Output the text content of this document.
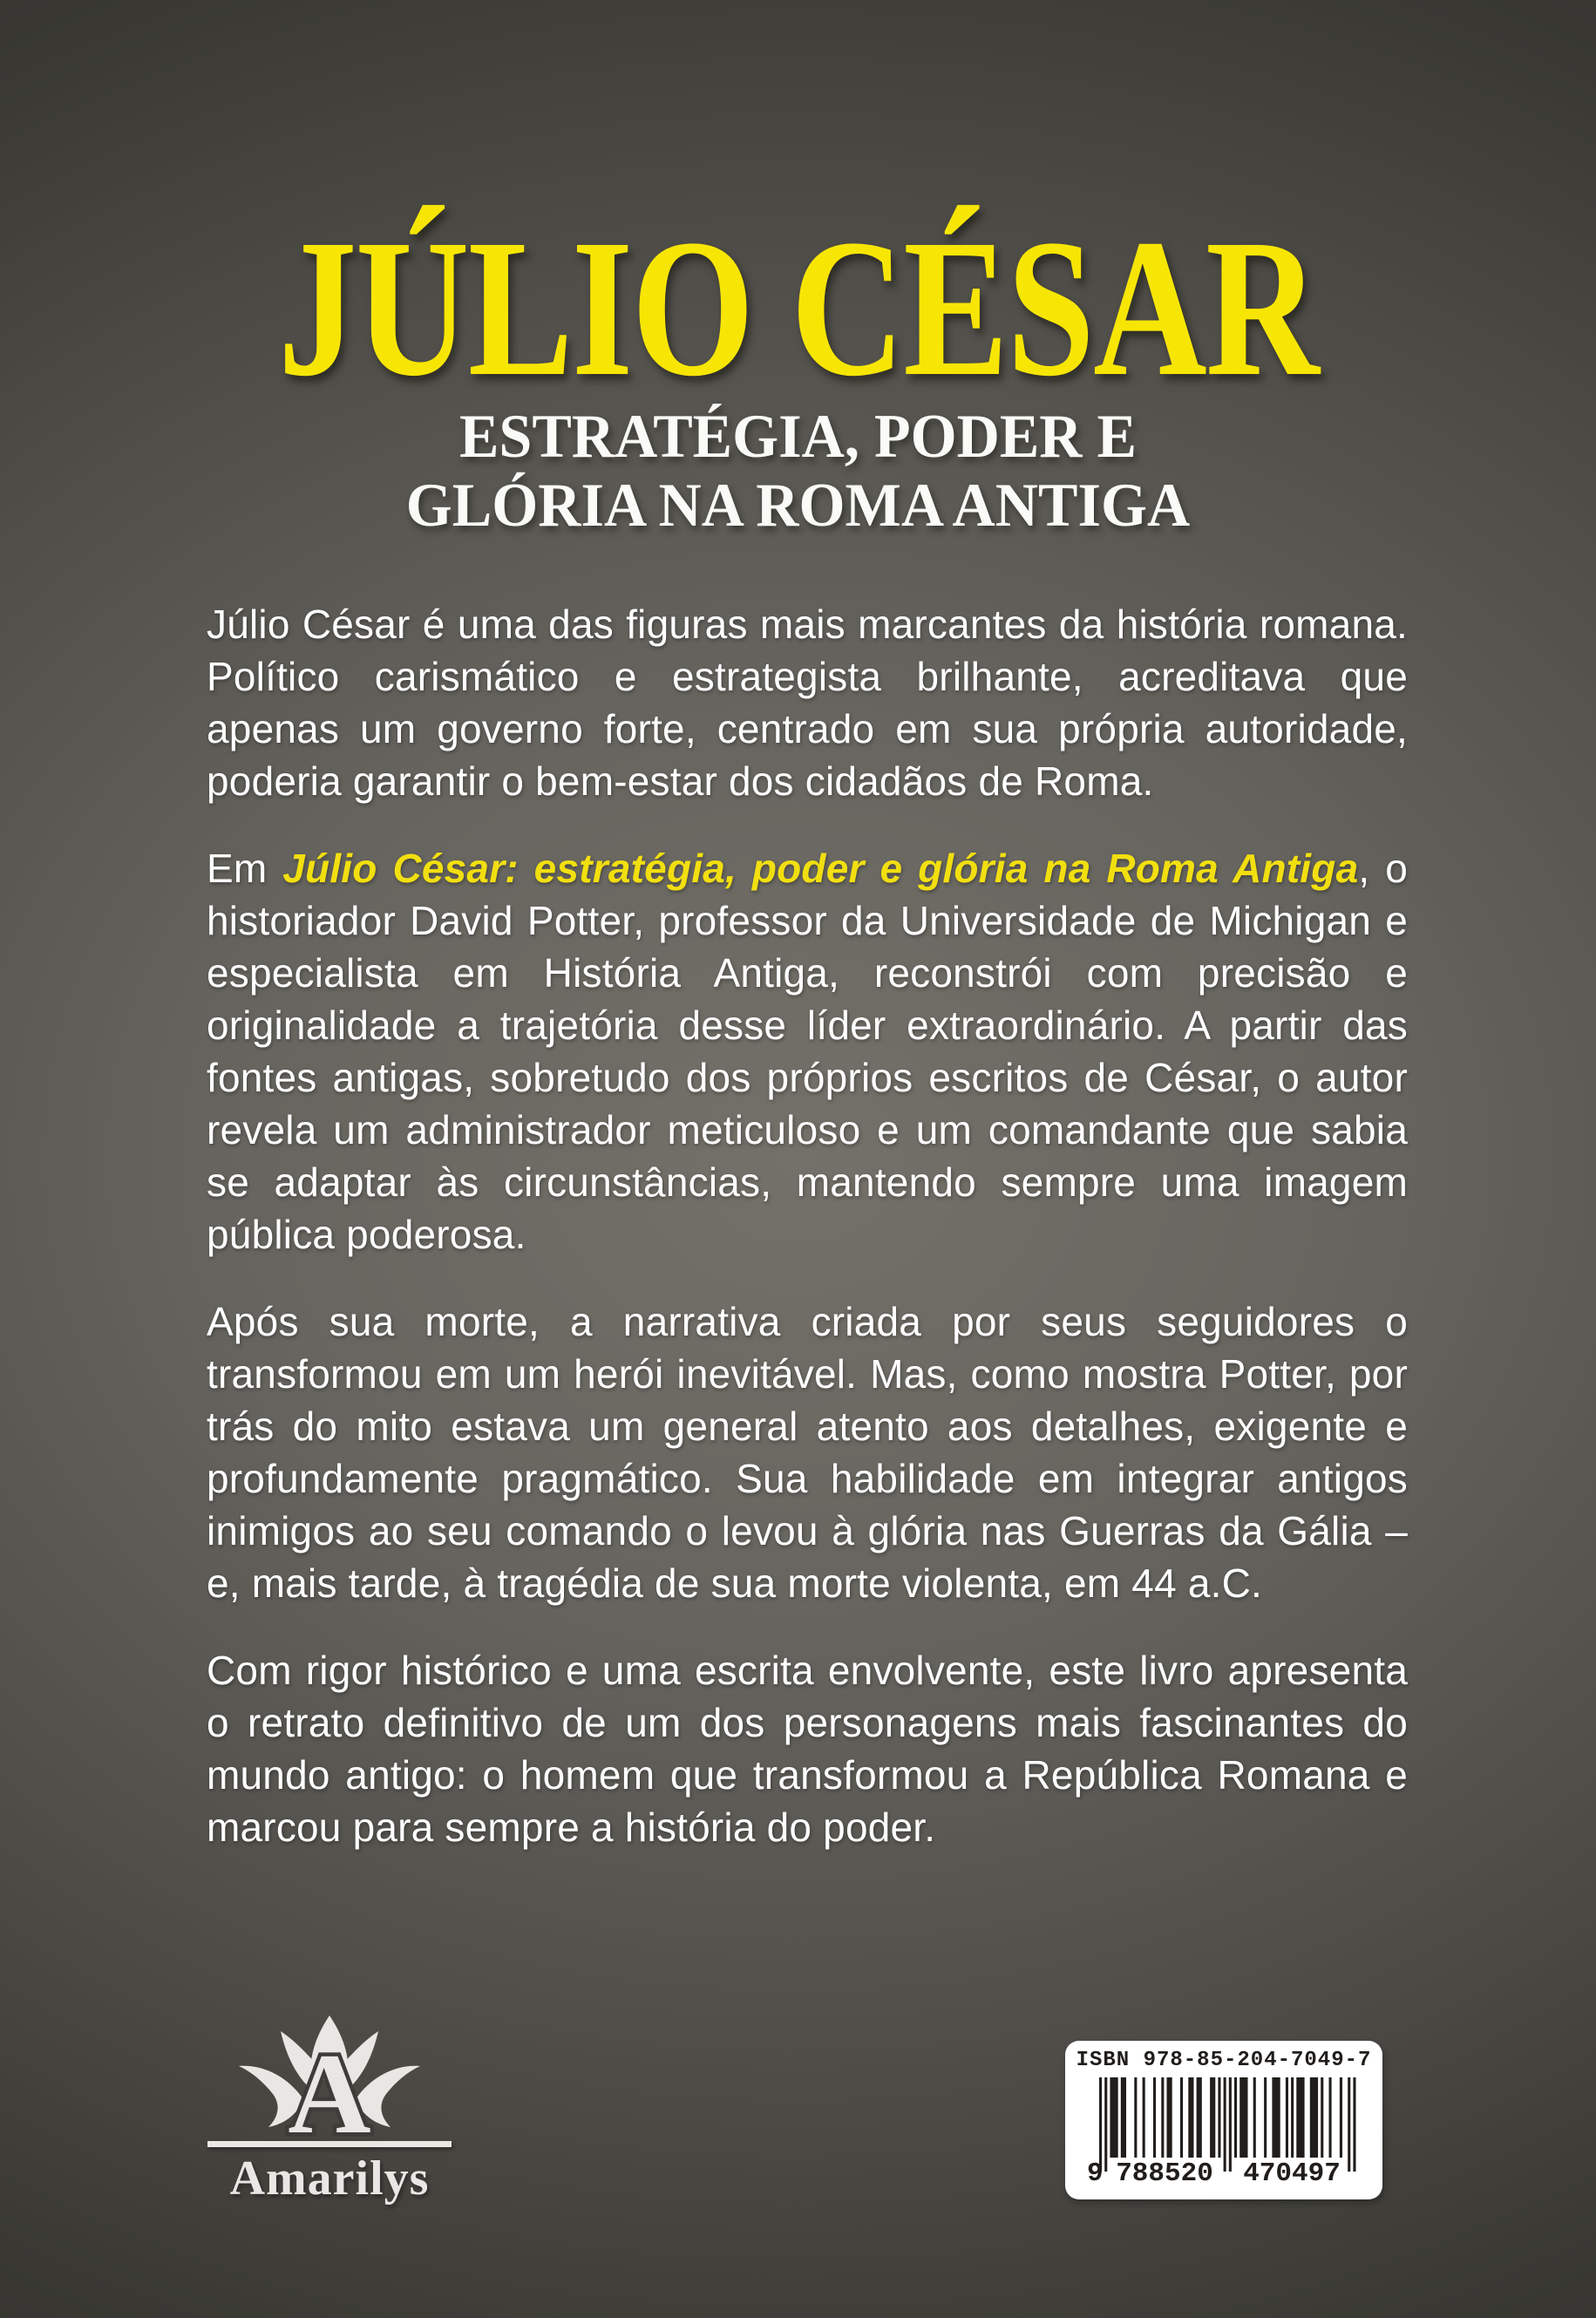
JÚLIO CÉSAR
ESTRATÉGIA, PODER E
GLÓRIA NA ROMA ANTIGA

Júlio César é uma das figuras mais marcantes da história romana. Político carismático e estrategista brilhante, acreditava que apenas um governo forte, centrado em sua própria autoridade, poderia garantir o bem-estar dos cidadãos de Roma.

Em Júlio César: estratégia, poder e glória na Roma Antiga, o historiador David Potter, professor da Universidade de Michigan e especialista em História Antiga, reconstrói com precisão e originalidade a trajetória desse líder extraordinário. A partir das fontes antigas, sobretudo dos próprios escritos de César, o autor revela um administrador meticuloso e um comandante que sabia se adaptar às circunstâncias, mantendo sempre uma imagem pública poderosa.

Após sua morte, a narrativa criada por seus seguidores o transformou em um herói inevitável. Mas, como mostra Potter, por trás do mito estava um general atento aos detalhes, exigente e profundamente pragmático. Sua habilidade em integrar antigos inimigos ao seu comando o levou à glória nas Guerras da Gália – e, mais tarde, à tragédia de sua morte violenta, em 44 a.C.

Com rigor histórico e uma escrita envolvente, este livro apresenta o retrato definitivo de um dos personagens mais fascinantes do mundo antigo: o homem que transformou a República Romana e marcou para sempre a história do poder.

A
Amarilys
ISBN 978-85-204-7049-7
9 788520 470497
